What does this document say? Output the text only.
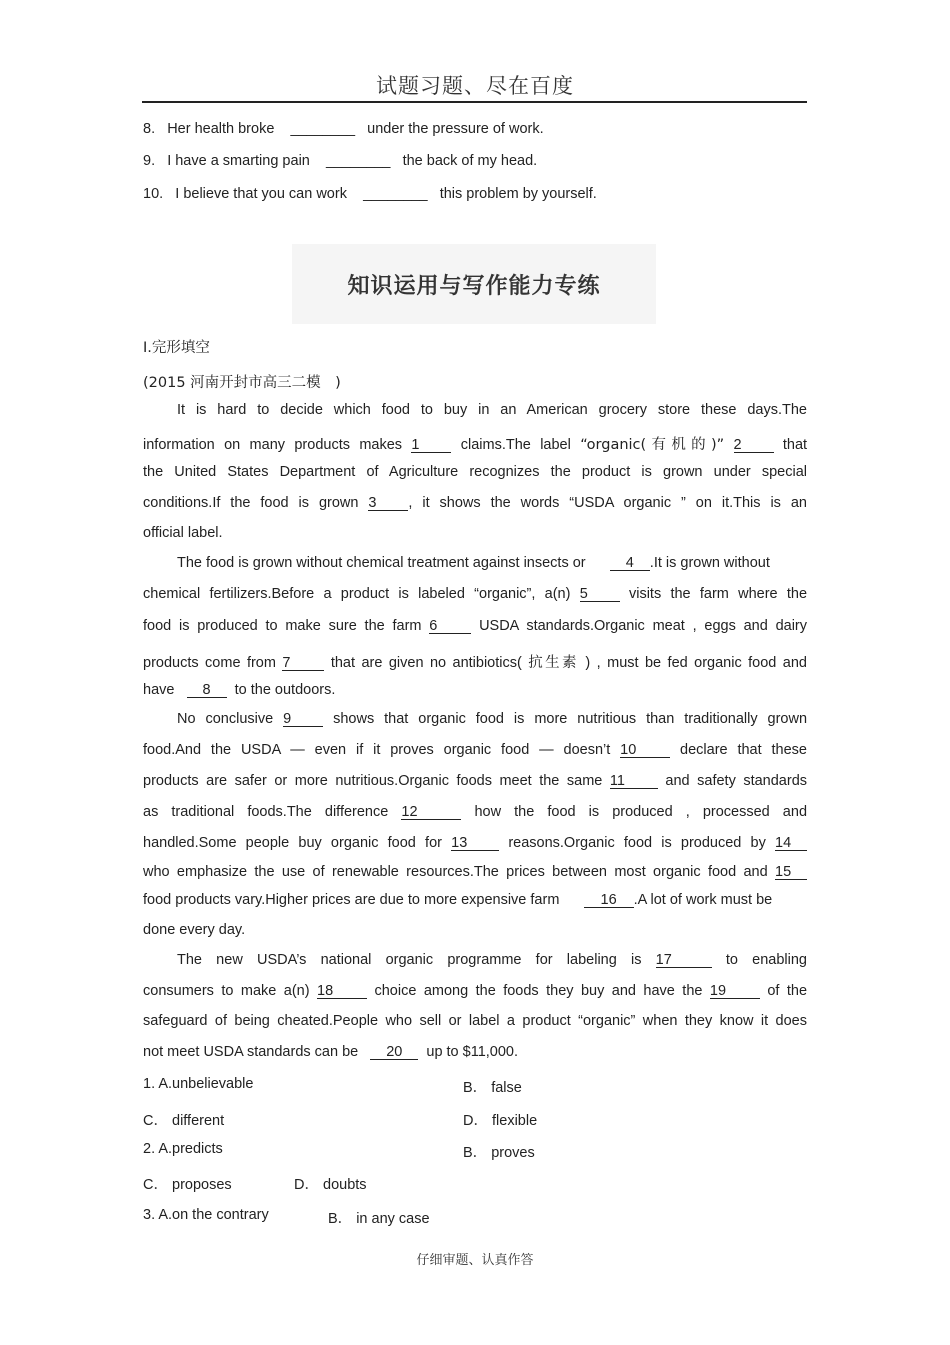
试题习题、尽在百度
8. Her health broke ________ under the pressure of work.
9. I have a smarting pain ________ the back of my head.
10. I believe that you can work ________ this problem by yourself.
知识运用与写作能力专练
Ⅰ.完形填空
(2015 河南开封市高三二模　)
It is hard to decide which food to buy in an American grocery store these days.The
information on many products makes 1	claims.The label “organic(有机的)” 2	that
the United States Department of Agriculture recognizes the product is grown under special
conditions.If the food is grown 3 , it shows the words “USDA organic ” on it.This is an
official label.
The food is grown without chemical treatment against insects or	4 .It is grown without
chemical fertilizers.Before a product is labeled “organic”, a(n) 5	visits the farm where the
food is produced to make sure the farm 6	USDA standards.Organic meat , eggs and dairy
products come from 7	that are given no antibiotics( 抗生素 ) , must be fed organic food and
have 8 to the outdoors.
No conclusive 9	shows that organic food is more nutritious than traditionally grown
food.And the USDA — even if it proves organic food — doesn’t 10	declare that these
products are safer or more nutritious.Organic foods meet the same 11	and safety standards
as traditional foods.The difference 12	how the food is produced , processed and
handled.Some people buy organic food for 13	reasons.Organic food is produced by 14
who emphasize the use of renewable resources.The prices between most organic food and 15
food products vary.Higher prices are due to more expensive farm	16 .A lot of work must be
done every day.
The new USDA’s national organic programme for labeling is 17	to enabling
consumers to make a(n) 18	choice among the foods they buy and have the 19	of the
safeguard of being cheated.People who sell or label a product “organic” when they know it does
not meet USDA standards can be 20 up to $11,000.
1. A.unbelievable	B． false
C． different	D． flexible
2. A.predicts	B． proves
C． proposes	D． doubts
3. A.on the contrary	B． in any case
仔细审题、认真作答
